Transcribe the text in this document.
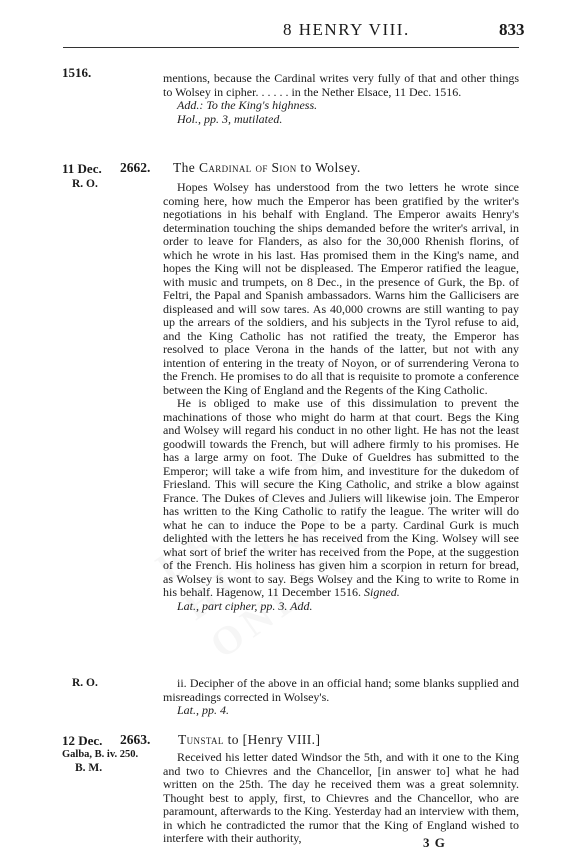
8 HENRY VIII.	833
1516.	mentions, because the Cardinal writes very fully of that and other things to Wolsey in cipher. . . . . . in the Nether Elsace, 11 Dec. 1516.

Add.: To the King's highness.

Hol., pp. 3, mutilated.

11 Dec. 2662.
R. O.
The Cardinal of Sion to Wolsey.

Hopes Wolsey has understood from the two letters he wrote since coming here, how much the Emperor has been gratified by the writer's negotiations in his behalf with England. The Emperor awaits Henry's determination touching the ships demanded before the writer's arrival, in order to leave for Flanders, as also for the 30,000 Rhenish florins, of which he wrote in his last. Has promised them in the King's name, and hopes the King will not be displeased. The Emperor ratified the league, with music and trumpets, on 8 Dec., in the presence of Gurk, the Bp. of Feltri, the Papal and Spanish ambassadors. Warns him the Gallicisers are displeased and will sow tares. As 40,000 crowns are still wanting to pay up the arrears of the soldiers, and his subjects in the Tyrol refuse to aid, and the King Catholic has not ratified the treaty, the Emperor has resolved to place Verona in the hands of the latter, but not with any intention of entering in the treaty of Noyon, or of surrendering Verona to the French. He promises to do all that is requisite to promote a conference between the King of England and the Regents of the King Catholic.

He is obliged to make use of this dissimulation to prevent the machinations of those who might do harm at that court. Begs the King and Wolsey will regard his conduct in no other light. He has not the least goodwill towards the French, but will adhere firmly to his promises. He has a large army on foot. The Duke of Gueldres has submitted to the Emperor; will take a wife from him, and investiture for the dukedom of Friesland. This will secure the King Catholic, and strike a blow against France. The Dukes of Cleves and Juliers will likewise join. The Emperor has written to the King Catholic to ratify the league. The writer will do what he can to induce the Pope to be a party. Cardinal Gurk is much delighted with the letters he has received from the King. Wolsey will see what sort of brief the writer has received from the Pope, at the suggestion of the French. His holiness has given him a scorpion in return for bread, as Wolsey is wont to say. Begs Wolsey and the King to write to Rome in his behalf. Hagenow, 11 December 1516. Signed.

Lat., part cipher, pp. 3. Add.

R. O.	ii. Decipher of the above in an official hand; some blanks supplied and misreadings corrected in Wolsey's.

Lat., pp. 4.

12 Dec. 2663.
Galba, B. iv. 250.
B. M.
Tunstal to [Henry VIII.]

Received his letter dated Windsor the 5th, and with it one to the King and two to Chievres and the Chancellor, [in answer to] what he had written on the 25th. The day he received them was a great solemnity. Thought best to apply, first, to Chievres and the Chancellor, who are paramount, afterwards to the King. Yesterday had an interview with them, in which he contradicted the rumor that the King of England wished to interfere with their authority,	3 G
